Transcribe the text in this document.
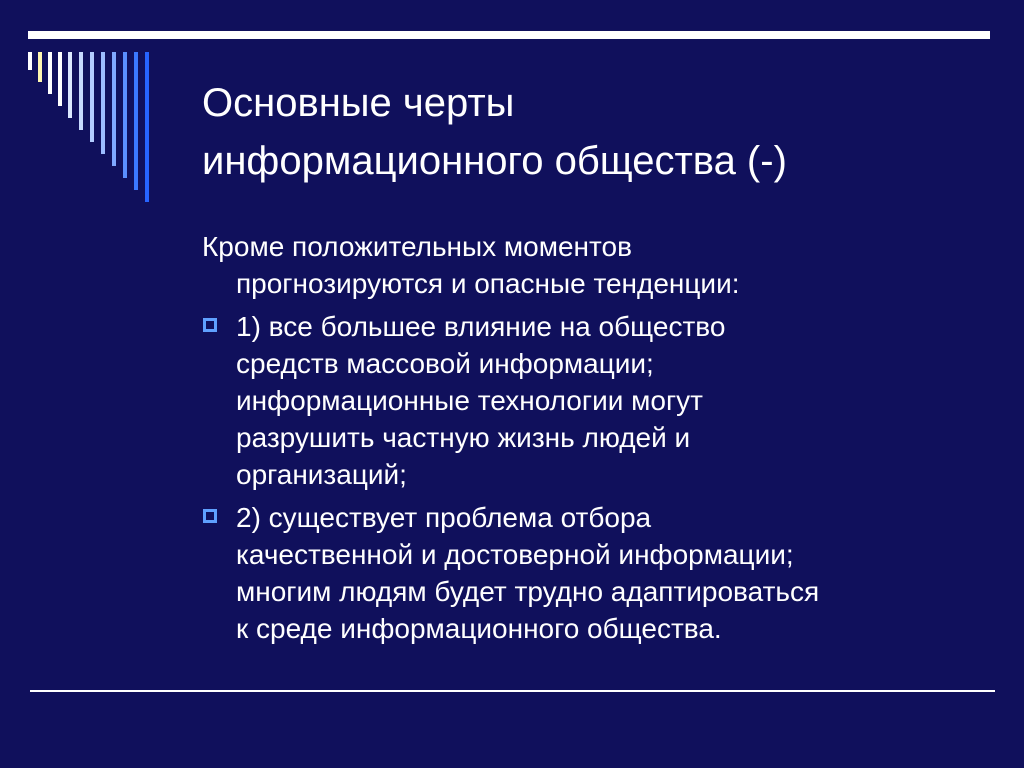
Основные черты
информационного общества (-)
Кроме положительных моментов
прогнозируются и опасные тенденции:
1) все большее влияние на общество
средств массовой информации;
информационные технологии могут
разрушить частную жизнь людей и
организаций;
2) существует проблема отбора
качественной и достоверной информации;
многим людям будет трудно адаптироваться
к среде информационного общества.
